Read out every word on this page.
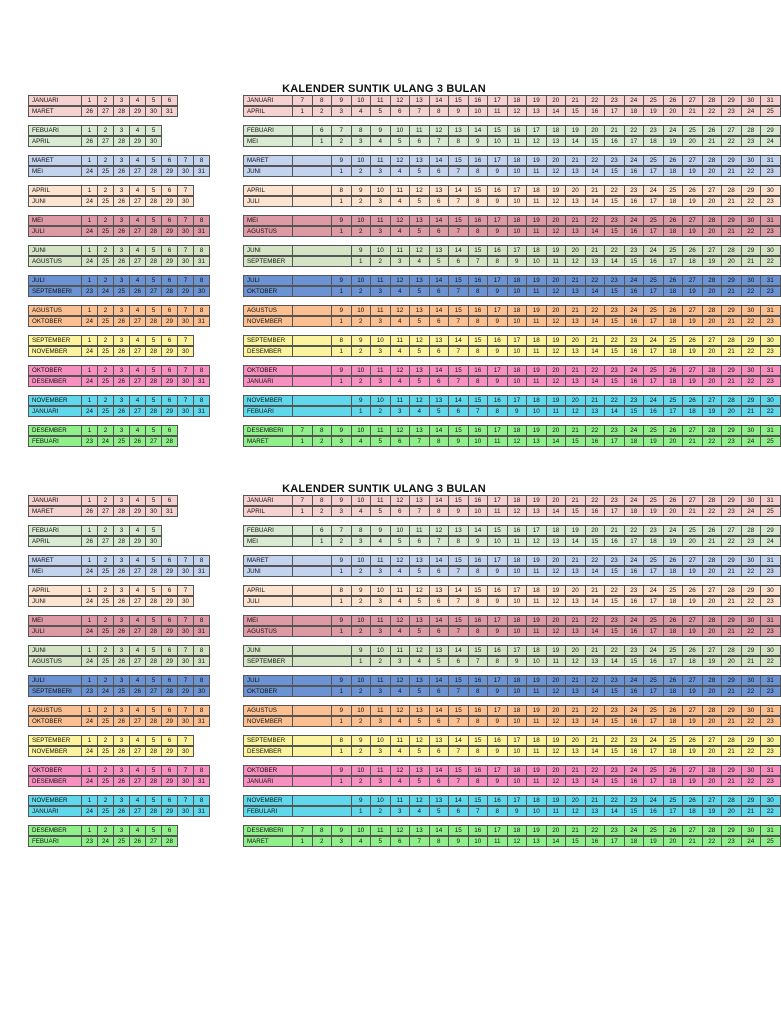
KALENDER SUNTIK ULANG 3 BULAN
JANUARI	1	2	3	4	5	6
MARET	26	27	28	29	30	31
JANUARI	7	8	9	10	11	12	13	14	15	16	17	18	19	20	21	22	23	24	25	26	27	28	29	30	31
APRIL	1	2	3	4	5	6	7	8	9	10	11	12	13	14	15	16	17	18	19	20	21	22	23	24	25
FEBUARI	1	2	3	4	5
APRIL	26	27	28	29	30
FEBUARI	6	7	8	9	10	11	12	13	14	15	16	17	18	19	20	21	22	23	24	25	26	27	28	29
MEI	1	2	3	4	5	6	7	8	9	10	11	12	13	14	15	16	17	18	19	20	21	22	23	24
MARET	1	2	3	4	5	6	7	8
MEI	24	25	26	27	28	29	30	31
MARET	9	10	11	12	13	14	15	16	17	18	19	20	21	22	23	24	25	26	27	28	29	30	31
JUNI	1	2	3	4	5	6	7	8	9	10	11	12	13	14	15	16	17	18	19	20	21	22	23
APRIL	1	2	3	4	5	6	7
JUNI	24	25	26	27	28	29	30
APRIL	8	9	10	11	12	13	14	15	16	17	18	19	20	21	22	23	24	25	26	27	28	29	30
JULI	1	2	3	4	5	6	7	8	9	10	11	12	13	14	15	16	17	18	19	20	21	22	23
MEI	1	2	3	4	5	6	7	8
JULI	24	25	26	27	28	29	30	31
MEI	9	10	11	12	13	14	15	16	17	18	19	20	21	22	23	24	25	26	27	28	29	30	31
AGUSTUS	1	2	3	4	5	6	7	8	9	10	11	12	13	14	15	16	17	18	19	20	21	22	23
JUNI	1	2	3	4	5	6	7	8
AGUSTUS	24	25	26	27	28	29	30	31
JUNI	9	10	11	12	13	14	15	16	17	18	19	20	21	22	23	24	25	26	27	28	29	30
SEPTEMBER	1	2	3	4	5	6	7	8	9	10	11	12	13	14	15	16	17	18	19	20	21	22
JULI	1	2	3	4	5	6	7	8
SEPTEMBERI	23	24	25	26	27	28	29	30
JULI	9	10	11	12	13	14	15	16	17	18	19	20	21	22	23	24	25	26	27	28	29	30	31
OKTOBER	1	2	3	4	5	6	7	8	9	10	11	12	13	14	15	16	17	18	19	20	21	22	23
AGUSTUS	1	2	3	4	5	6	7	8
OKTOBER	24	25	26	27	28	29	30	31
AGUSTUS	9	10	11	12	13	14	15	16	17	18	19	20	21	22	23	24	25	26	27	28	29	30	31
NOVEMBER	1	2	3	4	5	6	7	8	9	10	11	12	13	14	15	16	17	18	19	20	21	22	23
SEPTEMBER	1	2	3	4	5	6	7
NOVEMBER	24	25	26	27	28	29	30
SEPTEMBER	8	9	10	11	12	13	14	15	16	17	18	19	20	21	22	23	24	25	26	27	28	29	30
DESEMBER	1	2	3	4	5	6	7	8	9	10	11	12	13	14	15	16	17	18	19	20	21	22	23
OKTOBER	1	2	3	4	5	6	7	8
DESEMBER	24	25	26	27	28	29	30	31
OKTOBER	9	10	11	12	13	14	15	16	17	18	19	20	21	22	23	24	25	26	27	28	29	30	31
JANUARI	1	2	3	4	5	6	7	8	9	10	11	12	13	14	15	16	17	18	19	20	21	22	23
NOVEMBER	1	2	3	4	5	6	7	8
JANUARI	24	25	26	27	28	29	30	31
NOVEMBER	9	10	11	12	13	14	15	16	17	18	19	20	21	22	23	24	25	26	27	28	29	30
FEBUARI	1	2	3	4	5	6	7	8	9	10	11	12	13	14	15	16	17	18	19	20	21	22
DESEMBER	1	2	3	4	5	6
FEBUARI	23	24	25	26	27	28
DESEMBERI	7	8	9	10	11	12	13	14	15	16	17	18	19	20	21	22	23	24	25	26	27	28	29	30	31
MARET	1	2	3	4	5	6	7	8	9	10	11	12	13	14	15	16	17	18	19	20	21	22	23	24	25
KALENDER SUNTIK ULANG 3 BULAN
JANUARI	1	2	3	4	5	6
MARET	26	27	28	29	30	31
JANUARI	7	8	9	10	11	12	13	14	15	16	17	18	19	20	21	22	23	24	25	26	27	28	29	30	31
APRIL	1	2	3	4	5	6	7	8	9	10	11	12	13	14	15	16	17	18	19	20	21	22	23	24	25
FEBUARI	1	2	3	4	5
APRIL	26	27	28	29	30
FEBUARI	6	7	8	9	10	11	12	13	14	15	16	17	18	19	20	21	22	23	24	25	26	27	28	29
MEI	1	2	3	4	5	6	7	8	9	10	11	12	13	14	15	16	17	18	19	20	21	22	23	24
MARET	1	2	3	4	5	6	7	8
MEI	24	25	26	27	28	29	30	31
MARET	9	10	11	12	13	14	15	16	17	18	19	20	21	22	23	24	25	26	27	28	29	30	31
JUNI	1	2	3	4	5	6	7	8	9	10	11	12	13	14	15	16	17	18	19	20	21	22	23
APRIL	1	2	3	4	5	6	7
JUNI	24	25	26	27	28	29	30
APRIL	8	9	10	11	12	13	14	15	16	17	18	19	20	21	22	23	24	25	26	27	28	29	30
JULI	1	2	3	4	5	6	7	8	9	10	11	12	13	14	15	16	17	18	19	20	21	22	23
MEI	1	2	3	4	5	6	7	8
JULI	24	25	26	27	28	29	30	31
MEI	9	10	11	12	13	14	15	16	17	18	19	20	21	22	23	24	25	26	27	28	29	30	31
AGUSTUS	1	2	3	4	5	6	7	8	9	10	11	12	13	14	15	16	17	18	19	20	21	22	23
JUNI	1	2	3	4	5	6	7	8
AGUSTUS	24	25	26	27	28	29	30	31
JUNI	9	10	11	12	13	14	15	16	17	18	19	20	21	22	23	24	25	26	27	28	29	30
SEPTEMBER	1	2	3	4	5	6	7	8	9	10	11	12	13	14	15	16	17	18	19	20	21	22
JULI	1	2	3	4	5	6	7	8
SEPTEMBERI	23	24	25	26	27	28	29	30
JULI	9	10	11	12	13	14	15	16	17	18	19	20	21	22	23	24	25	26	27	28	29	30	31
OKTOBER	1	2	3	4	5	6	7	8	9	10	11	12	13	14	15	16	17	18	19	20	21	22	23
AGUSTUS	1	2	3	4	5	6	7	8
OKTOBER	24	25	26	27	28	29	30	31
AGUSTUS	9	10	11	12	13	14	15	16	17	18	19	20	21	22	23	24	25	26	27	28	29	30	31
NOVEMBER	1	2	3	4	5	6	7	8	9	10	11	12	13	14	15	16	17	18	19	20	21	22	23
SEPTEMBER	1	2	3	4	5	6	7
NOVEMBER	24	25	26	27	28	29	30
SEPTEMBER	8	9	10	11	12	13	14	15	16	17	18	19	20	21	22	23	24	25	26	27	28	29	30
DESEMBER	1	2	3	4	5	6	7	8	9	10	11	12	13	14	15	16	17	18	19	20	21	22	23
OKTOBER	1	2	3	4	5	6	7	8
DESEMBER	24	25	26	27	28	29	30	31
OKTOBER	9	10	11	12	13	14	15	16	17	18	19	20	21	22	23	24	25	26	27	28	29	30	31
JANUARI	1	2	3	4	5	6	7	8	9	10	11	12	13	14	15	16	17	18	19	20	21	22	23
NOVEMBER	1	2	3	4	5	6	7	8
JANUARI	24	25	26	27	28	29	30	31
NOVEMBER	9	10	11	12	13	14	15	16	17	18	19	20	21	22	23	24	25	26	27	28	29	30
FEBULARI	1	2	3	4	5	6	7	8	9	10	11	12	13	14	15	16	17	18	19	20	21	22
DESEMBER	1	2	3	4	5	6
FEBUARI	23	24	25	26	27	28
DESEMBERI	7	8	9	10	11	12	13	14	15	16	17	18	19	20	21	22	23	24	25	26	27	28	29	30	31
MARET	1	2	3	4	5	6	7	8	9	10	11	12	13	14	15	16	17	18	19	20	21	22	23	24	25
